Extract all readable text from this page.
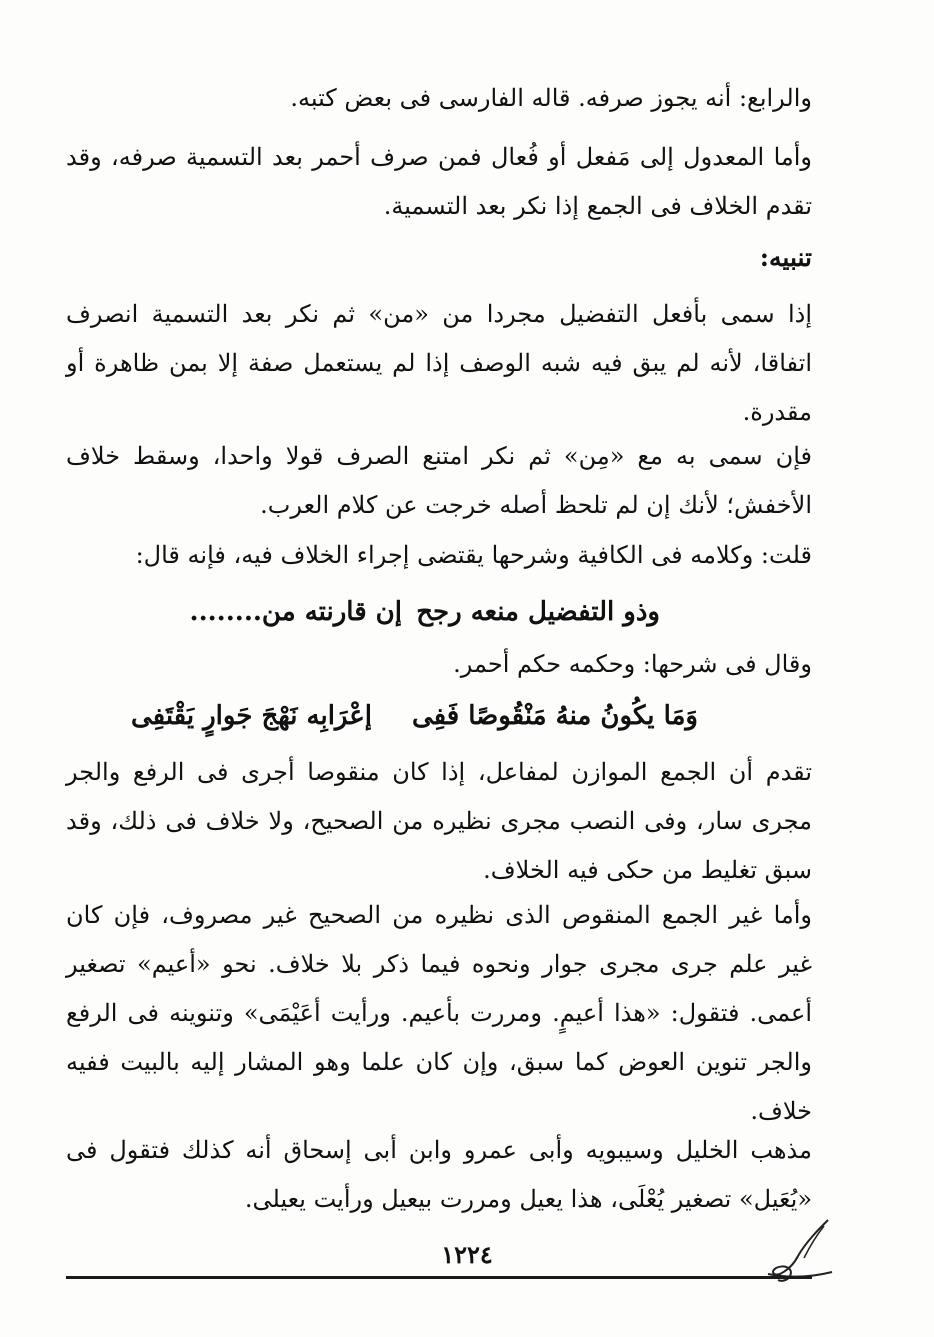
والرابع: أنه يجوز صرفه. قاله الفارسى فى بعض كتبه.

وأما المعدول إلى مَفعل أو فُعال فمن صرف أحمر بعد التسمية صرفه، وقد تقدم الخلاف فى الجمع إذا نكر بعد التسمية.

تنبيه:

إذا سمى بأفعل التفضيل مجردا من «من» ثم نكر بعد التسمية انصرف اتفاقا، لأنه لم يبق فيه شبه الوصف إذا لم يستعمل صفة إلا بمن ظاهرة أو مقدرة.

فإن سمى به مع «مِن» ثم نكر امتنع الصرف قولا واحدا، وسقط خلاف الأخفش؛ لأنك إن لم تلحظ أصله خرجت عن كلام العرب.

قلت: وكلامه فى الكافية وشرحها يقتضى إجراء الخلاف فيه، فإنه قال:

وذو التفضيل منعه رجح
إن قارنته من........

وقال فى شرحها: وحكمه حكم أحمر.

وَمَا يكُونُ منهُ مَنْقُوصًا فَفِى
إعْرَابِه نَهْجَ جَوارٍ يَقْتَفِى

تقدم أن الجمع الموازن لمفاعل، إذا كان منقوصا أجرى فى الرفع والجر مجرى سار، وفى النصب مجرى نظيره من الصحيح، ولا خلاف فى ذلك، وقد سبق تغليط من حكى فيه الخلاف.

وأما غير الجمع المنقوص الذى نظيره من الصحيح غير مصروف، فإن كان غير علم جرى مجرى جوار ونحوه فيما ذكر بلا خلاف. نحو «أعيم» تصغير أعمى. فتقول: «هذا أعيمٍ. ومررت بأعيم. ورأيت أعَيْمَى» وتنوينه فى الرفع والجر تنوين العوض كما سبق، وإن كان علما وهو المشار إليه بالبيت ففيه خلاف.

مذهب الخليل وسيبويه وأبى عمرو وابن أبى إسحاق أنه كذلك فتقول فى «يُعَيل» تصغير يُعْلَى، هذا يعيل ومررت بيعيل ورأيت يعيلى.

١٢٢٤
